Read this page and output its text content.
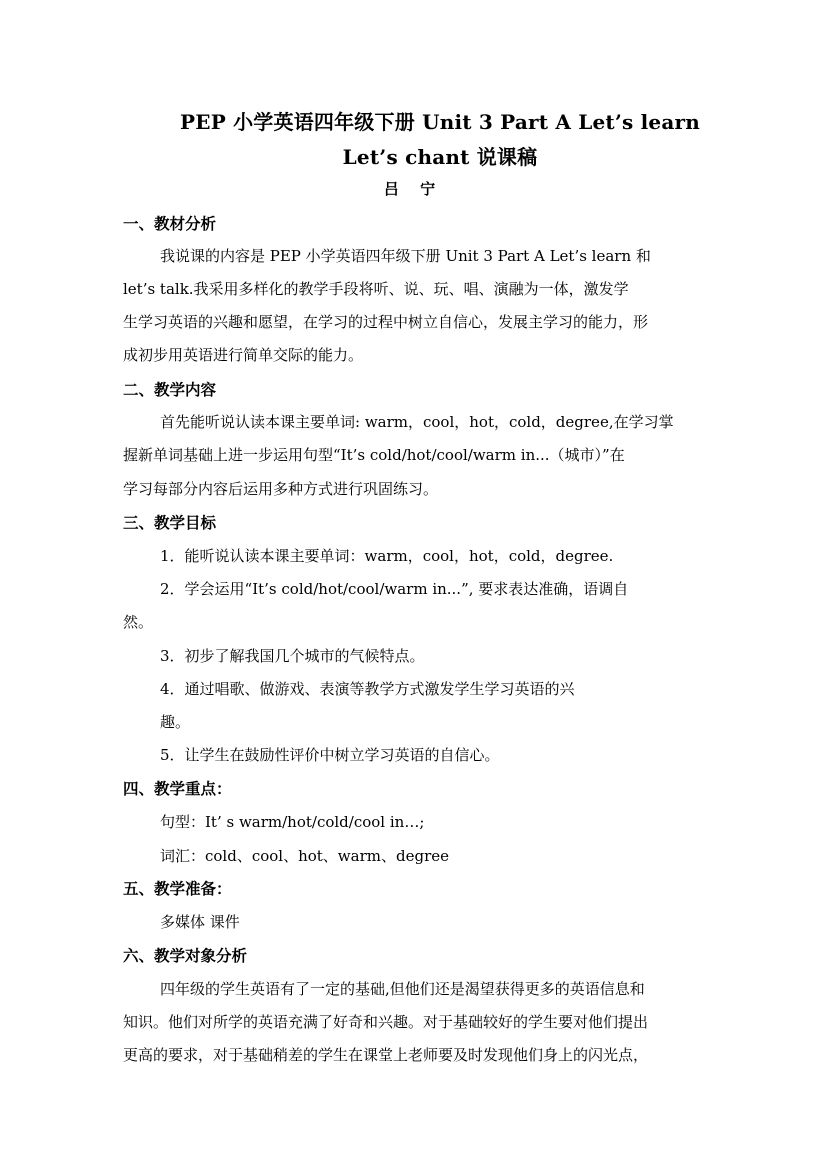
PEP 小学英语四年级下册 Unit 3 Part A Let’s learn
Let’s chant 说课稿
吕 宁
一、教材分析
我说课的内容是 PEP 小学英语四年级下册 Unit 3 Part A Let’s learn 和
let’s talk.我采用多样化的教学手段将听、说、玩、唱、演融为一体，激发学
生学习英语的兴趣和愿望，在学习的过程中树立自信心，发展主学习的能力，形
成初步用英语进行简单交际的能力。
二、教学内容
首先能听说认读本课主要单词: warm，cool，hot，cold，degree,在学习掌
握新单词基础上进一步运用句型“It’s cold/hot/cool/warm in...（城市）”在
学习每部分内容后运用多种方式进行巩固练习。
三、教学目标
1．能听说认读本课主要单词：warm，cool，hot，cold，degree.
2．学会运用“It’s cold/hot/cool/warm in...”, 要求表达准确，语调自
然。
3．初步了解我国几个城市的气候特点。
4．通过唱歌、做游戏、表演等教学方式激发学生学习英语的兴
趣。
5．让学生在鼓励性评价中树立学习英语的自信心。
四、教学重点：
句型：It’ s warm/hot/cold/cool in…;
词汇：cold、cool、hot、warm、degree
五、教学准备：
多媒体 课件
六、教学对象分析
四年级的学生英语有了一定的基础,但他们还是渴望获得更多的英语信息和
知识。他们对所学的英语充满了好奇和兴趣。对于基础较好的学生要对他们提出
更高的要求，对于基础稍差的学生在课堂上老师要及时发现他们身上的闪光点，
